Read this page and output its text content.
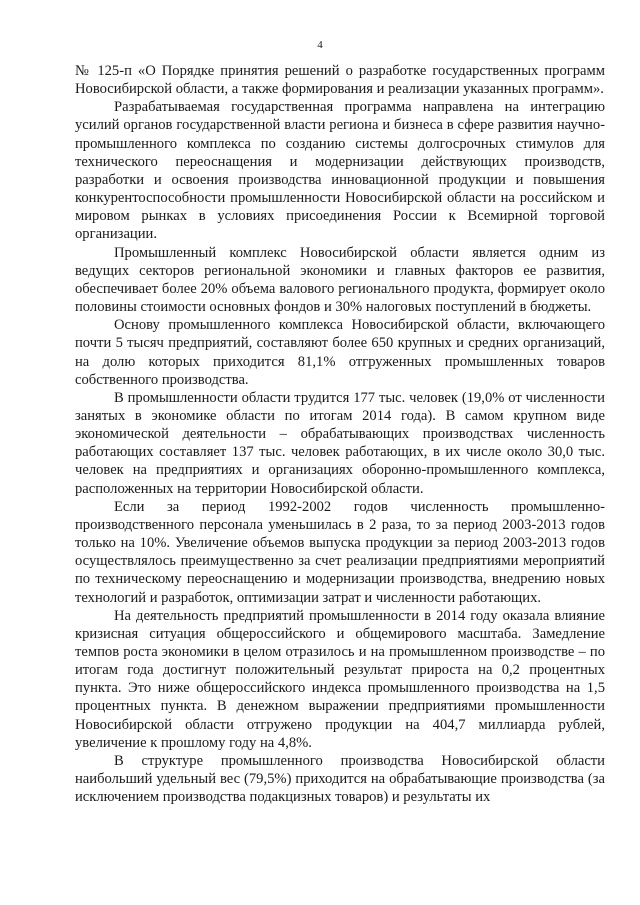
4

№ 125-п «О Порядке принятия решений о разработке государственных программ Новосибирской области, а также формирования и реализации указанных программ».

Разрабатываемая государственная программа направлена на интеграцию усилий органов государственной власти региона и бизнеса в сфере развития научно-промышленного комплекса по созданию системы долгосрочных стимулов для технического переоснащения и модернизации действующих производств, разработки и освоения производства инновационной продукции и повышения конкурентоспособности промышленности Новосибирской области на российском и мировом рынках в условиях присоединения России к Всемирной торговой организации.

Промышленный комплекс Новосибирской области является одним из ведущих секторов региональной экономики и главных факторов ее развития, обеспечивает более 20% объема валового регионального продукта, формирует около половины стоимости основных фондов и 30% налоговых поступлений в бюджеты.

Основу промышленного комплекса Новосибирской области, включающего почти 5 тысяч предприятий, составляют более 650 крупных и средних организаций, на долю которых приходится 81,1% отгруженных промышленных товаров собственного производства.

В промышленности области трудится 177 тыс. человек (19,0% от численности занятых в экономике области по итогам 2014 года). В самом крупном виде экономической деятельности – обрабатывающих производствах численность работающих составляет 137 тыс. человек работающих, в их числе около 30,0 тыс. человек на предприятиях и организациях оборонно-промышленного комплекса, расположенных на территории Новосибирской области.

Если за период 1992-2002 годов численность промышленно-производственного персонала уменьшилась в 2 раза, то за период 2003-2013 годов только на 10%. Увеличение объемов выпуска продукции за период 2003-2013 годов осуществлялось преимущественно за счет реализации предприятиями мероприятий по техническому переоснащению и модернизации производства, внедрению новых технологий и разработок, оптимизации затрат и численности работающих.

На деятельность предприятий промышленности в 2014 году оказала влияние кризисная ситуация общероссийского и общемирового масштаба. Замедление темпов роста экономики в целом отразилось и на промышленном производстве – по итогам года достигнут положительный результат прироста на 0,2 процентных пункта. Это ниже общероссийского индекса промышленного производства на 1,5 процентных пункта. В денежном выражении предприятиями промышленности Новосибирской области отгружено продукции на 404,7 миллиарда рублей, увеличение к прошлому году на 4,8%.

В структуре промышленного производства Новосибирской области наибольший удельный вес (79,5%) приходится на обрабатывающие производства (за исключением производства подакцизных товаров) и результаты их
